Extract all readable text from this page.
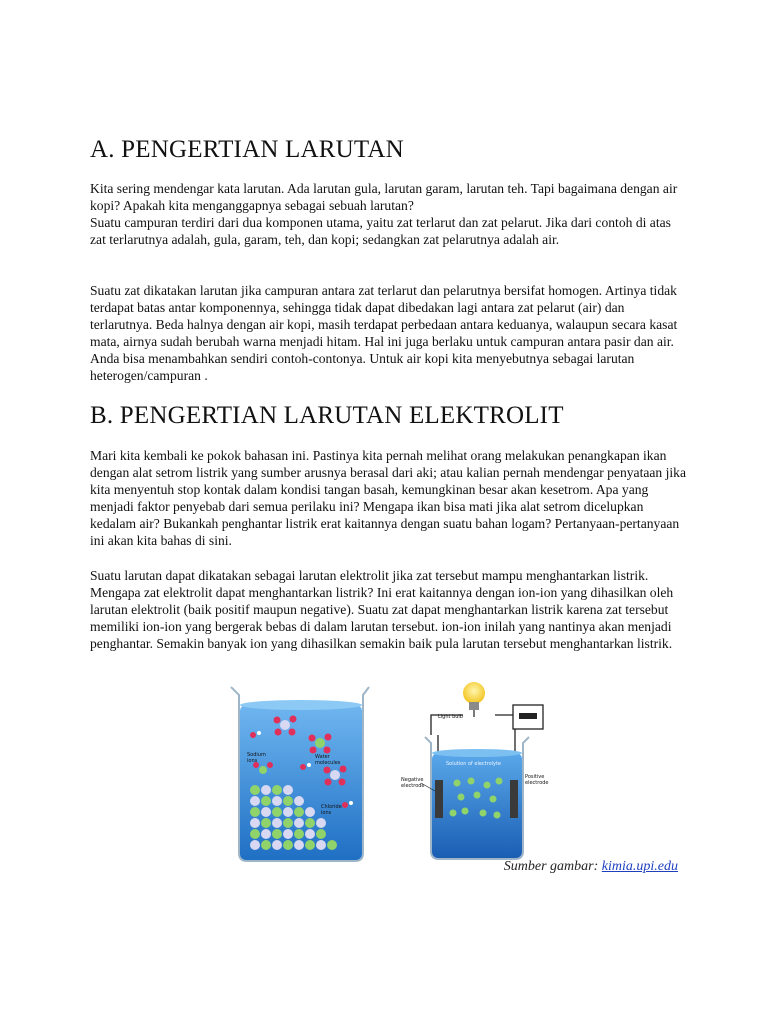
A. PENGERTIAN LARUTAN

Kita sering mendengar kata larutan. Ada larutan gula, larutan garam, larutan teh. Tapi bagaimana dengan air kopi? Apakah kita menganggapnya sebagai sebuah larutan?

Suatu campuran terdiri dari dua komponen utama, yaitu zat terlarut dan zat pelarut. Jika dari contoh di atas zat terlarutnya adalah, gula, garam, teh, dan kopi; sedangkan zat pelarutnya adalah air.

Suatu zat dikatakan larutan jika campuran antara zat terlarut dan pelarutnya bersifat homogen. Artinya tidak terdapat batas antar komponennya, sehingga tidak dapat dibedakan lagi antara zat pelarut (air) dan terlarutnya. Beda halnya dengan air kopi, masih terdapat perbedaan antara keduanya, walaupun secara kasat mata, airnya sudah berubah warna menjadi hitam. Hal ini juga berlaku untuk campuran antara pasir dan air. Anda bisa menambahkan sendiri contoh-contonya. Untuk air kopi kita menyebutnya sebagai larutan heterogen/campuran .

B. PENGERTIAN LARUTAN ELEKTROLIT

Mari kita kembali ke pokok bahasan ini. Pastinya kita pernah melihat orang melakukan penangkapan ikan dengan alat setrom listrik yang sumber arusnya berasal dari aki; atau kalian pernah mendengar penyataan jika kita menyentuh stop kontak dalam kondisi tangan basah, kemungkinan besar akan kesetrom. Apa yang menjadi faktor penyebab dari semua perilaku ini? Mengapa ikan bisa mati jika alat setrom dicelupkan kedalam air? Bukankah penghantar listrik erat kaitannya dengan suatu bahan logam? Pertanyaan-pertanyaan ini akan kita bahas di sini.

Suatu larutan dapat dikatakan sebagai larutan elektrolit jika zat tersebut mampu menghantarkan listrik. Mengapa zat elektrolit dapat menghantarkan listrik? Ini erat kaitannya dengan ion-ion yang dihasilkan oleh larutan elektrolit (baik positif maupun negative). Suatu zat dapat menghantarkan listrik karena zat tersebut memiliki ion-ion yang bergerak bebas di dalam larutan tersebut. ion-ion inilah yang nantinya akan menjadi penghantar. Semakin banyak ion yang dihasilkan semakin baik pula larutan tersebut menghantarkan listrik.

Sodium
ions
Water
molecules
Chloride
ions
Light bulb
Solution of electrolyte
Negative
electrode
Positive
electrode
Sumber gambar: kimia.upi.edu
